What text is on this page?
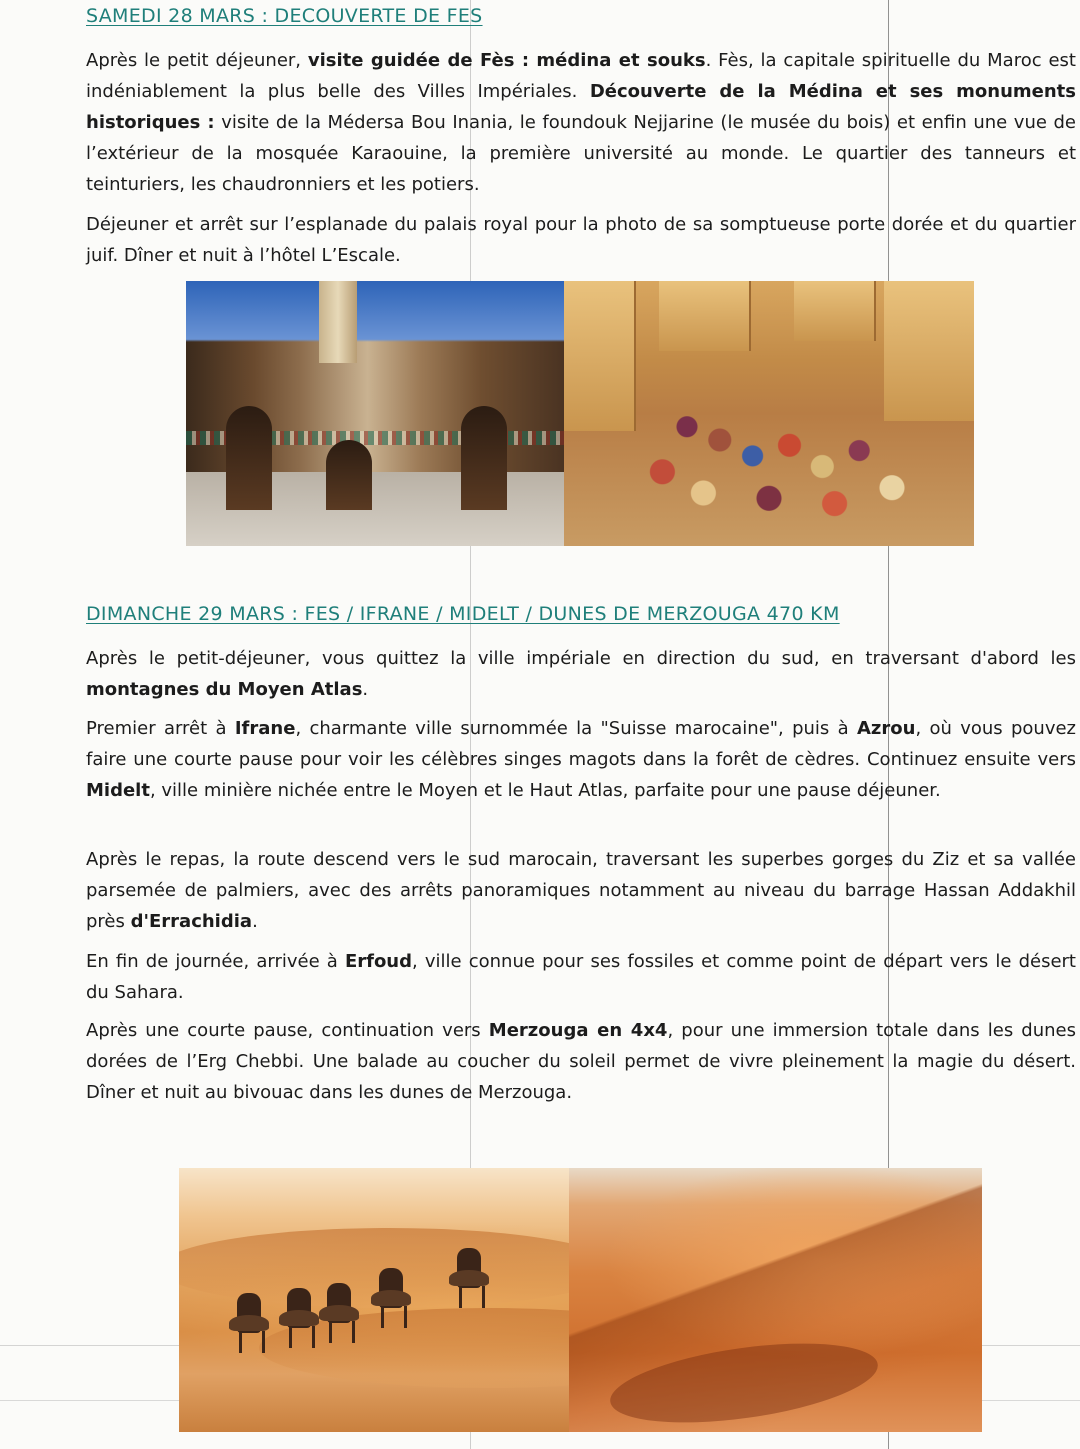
SAMEDI 28 MARS : DECOUVERTE DE FES

Après le petit déjeuner, visite guidée de Fès : médina et souks. Fès, la capitale spirituelle du Maroc est indéniablement la plus belle des Villes Impériales. Découverte de la Médina et ses monuments historiques : visite de la Médersa Bou Inania, le foundouk Nejjarine (le musée du bois) et enfin une vue de l’extérieur de la mosquée Karaouine, la première université au monde. Le quartier des tanneurs et teinturiers, les chaudronniers et les potiers.

Déjeuner et arrêt sur l’esplanade du palais royal pour la photo de sa somptueuse porte dorée et du quartier juif. Dîner et nuit à l’hôtel L’Escale.

DIMANCHE 29 MARS : FES / IFRANE / MIDELT / DUNES DE MERZOUGA 470 KM

Après le petit-déjeuner, vous quittez la ville impériale en direction du sud, en traversant d'abord les montagnes du Moyen Atlas.

Premier arrêt à Ifrane, charmante ville surnommée la "Suisse marocaine", puis à Azrou, où vous pouvez faire une courte pause pour voir les célèbres singes magots dans la forêt de cèdres. Continuez ensuite vers Midelt, ville minière nichée entre le Moyen et le Haut Atlas, parfaite pour une pause déjeuner.

Après le repas, la route descend vers le sud marocain, traversant les superbes gorges du Ziz et sa vallée parsemée de palmiers, avec des arrêts panoramiques notamment au niveau du barrage Hassan Addakhil près d'Errachidia.

En fin de journée, arrivée à Erfoud, ville connue pour ses fossiles et comme point de départ vers le désert du Sahara.

Après une courte pause, continuation vers Merzouga en 4x4, pour une immersion totale dans les dunes dorées de l’Erg Chebbi. Une balade au coucher du soleil permet de vivre pleinement la magie du désert. Dîner et nuit au bivouac dans les dunes de Merzouga.
